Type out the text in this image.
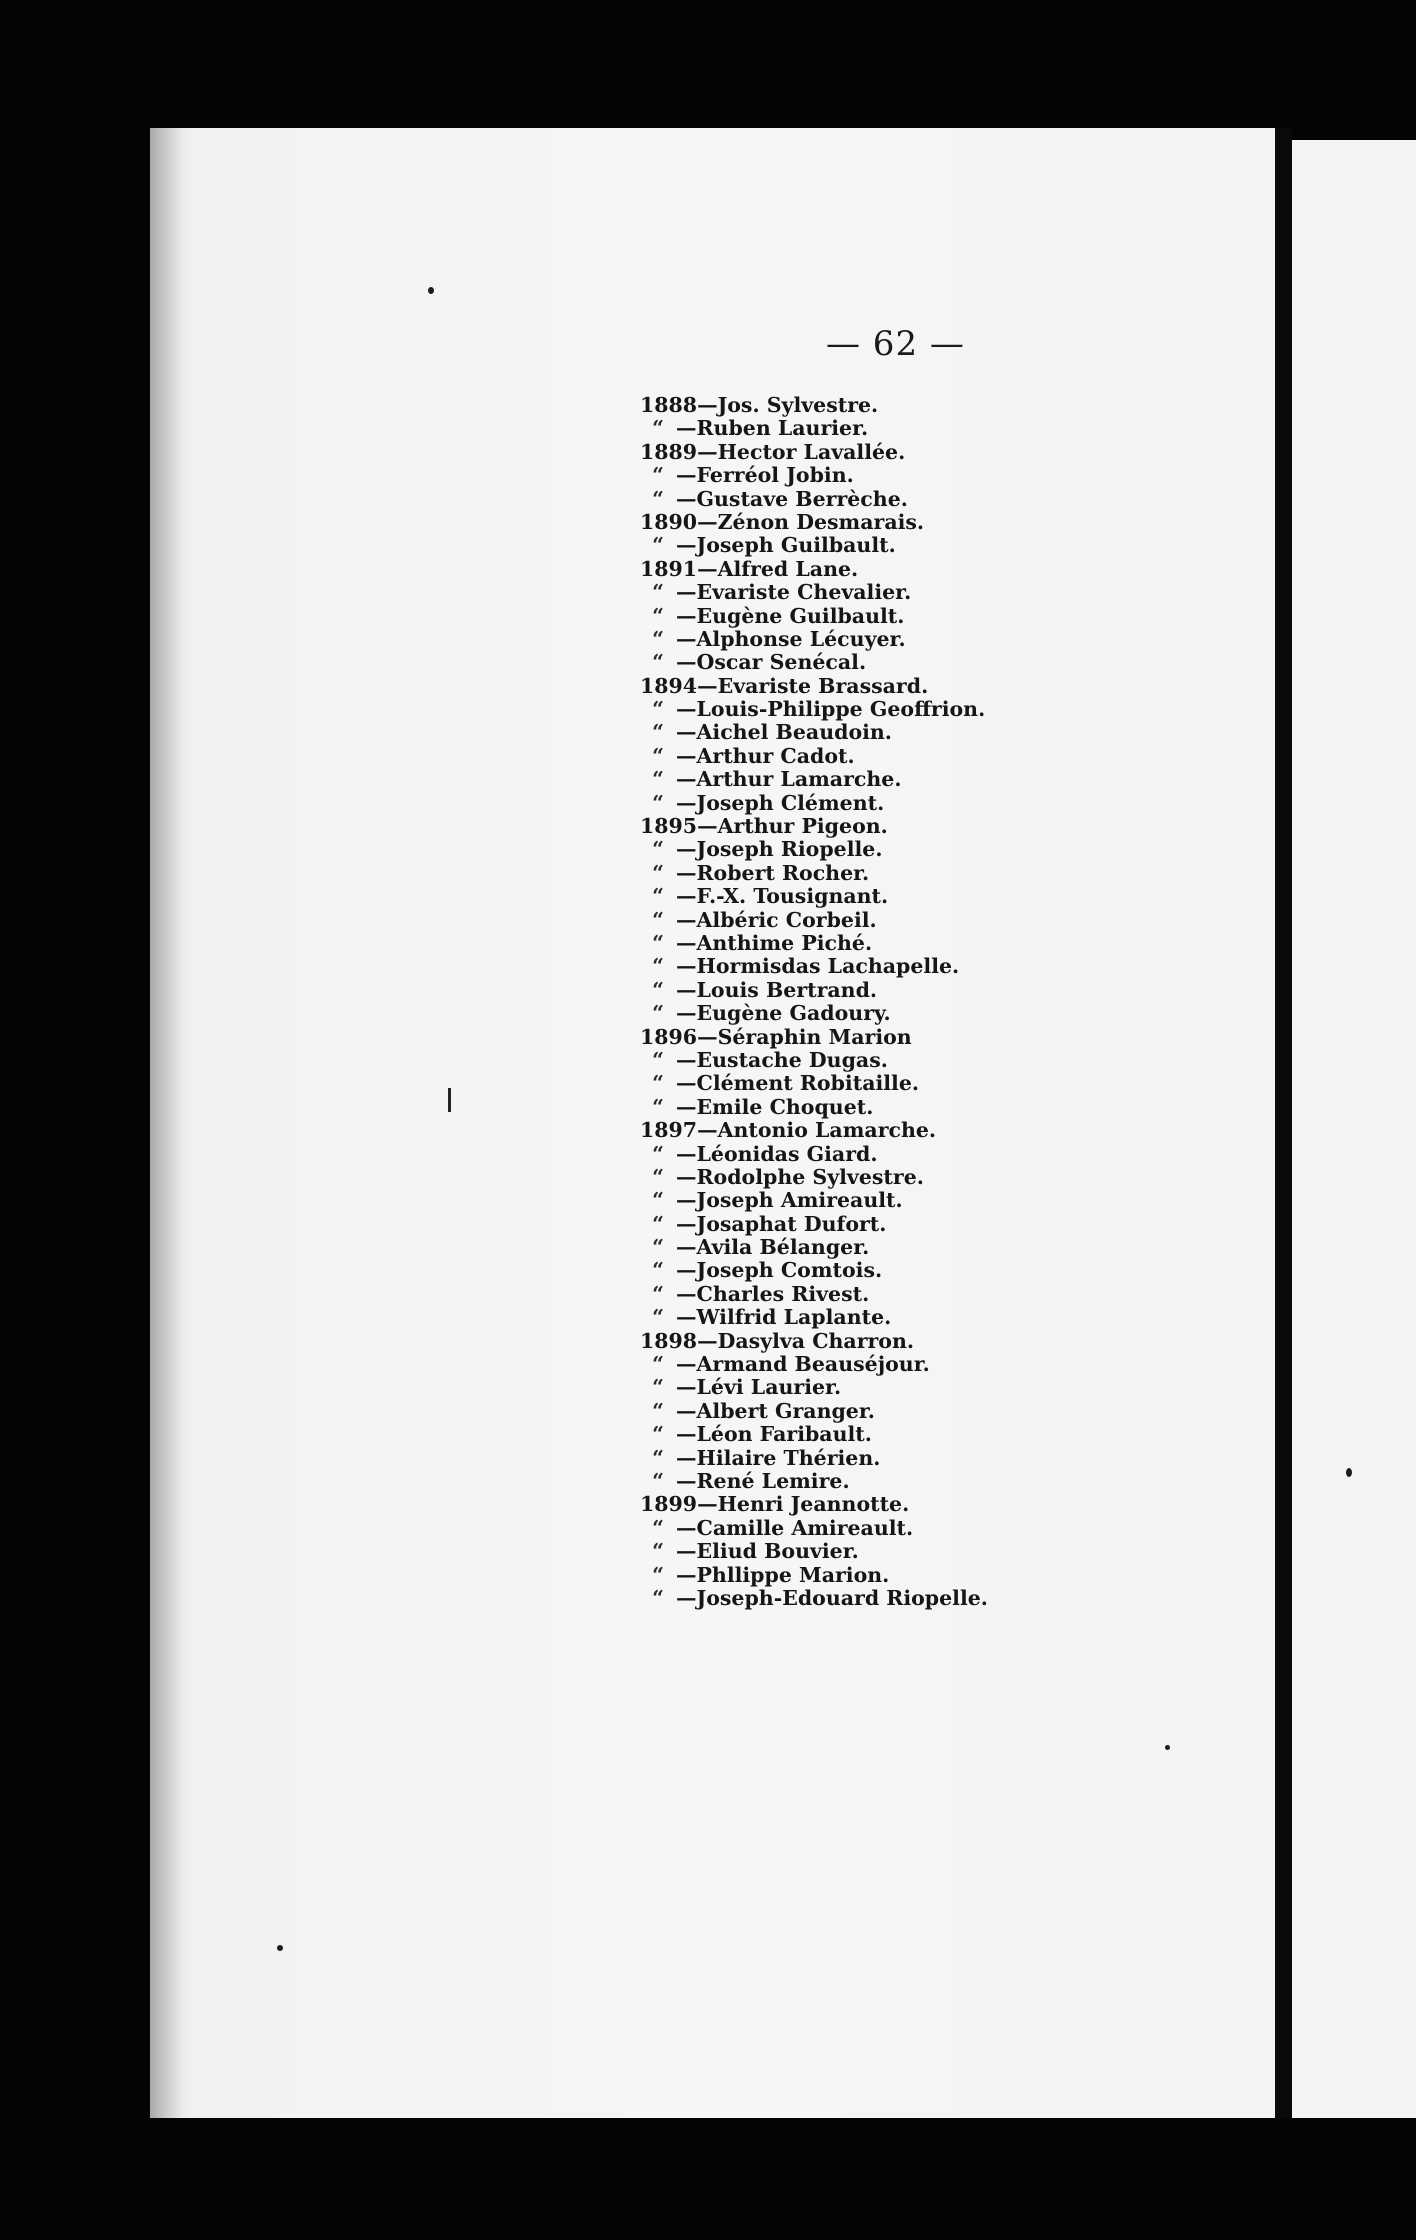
— 62 —
1888 —Jos. Sylvestre.
“ —Ruben Laurier.
1889 —Hector Lavallée.
“ —Ferréol Jobin.
“ —Gustave Berrèche.
1890 —Zénon Desmarais.
“ —Joseph Guilbault.
1891 —Alfred Lane.
“ —Evariste Chevalier.
“ —Eugène Guilbault.
“ —Alphonse Lécuyer.
“ —Oscar Senécal.
1894 —Evariste Brassard.
“ —Louis-Philippe Geoffrion.
“ —Aichel Beaudoin.
“ —Arthur Cadot.
“ —Arthur Lamarche.
“ —Joseph Clément.
1895 —Arthur Pigeon.
“ —Joseph Riopelle.
“ —Robert Rocher.
“ —F.-X. Tousignant.
“ —Albéric Corbeil.
“ —Anthime Piché.
“ —Hormisdas Lachapelle.
“ —Louis Bertrand.
“ —Eugène Gadoury.
1896 —Séraphin Marion
“ —Eustache Dugas.
“ —Clément Robitaille.
“ —Emile Choquet.
1897 —Antonio Lamarche.
“ —Léonidas Giard.
“ —Rodolphe Sylvestre.
“ —Joseph Amireault.
“ —Josaphat Dufort.
“ —Avila Bélanger.
“ —Joseph Comtois.
“ —Charles Rivest.
“ —Wilfrid Laplante.
1898 —Dasylva Charron.
“ —Armand Beauséjour.
“ —Lévi Laurier.
“ —Albert Granger.
“ —Léon Faribault.
“ —Hilaire Thérien.
“ —René Lemire.
1899 —Henri Jeannotte.
“ —Camille Amireault.
“ —Eliud Bouvier.
“ —Phllippe Marion.
“ —Joseph-Edouard Riopelle.
